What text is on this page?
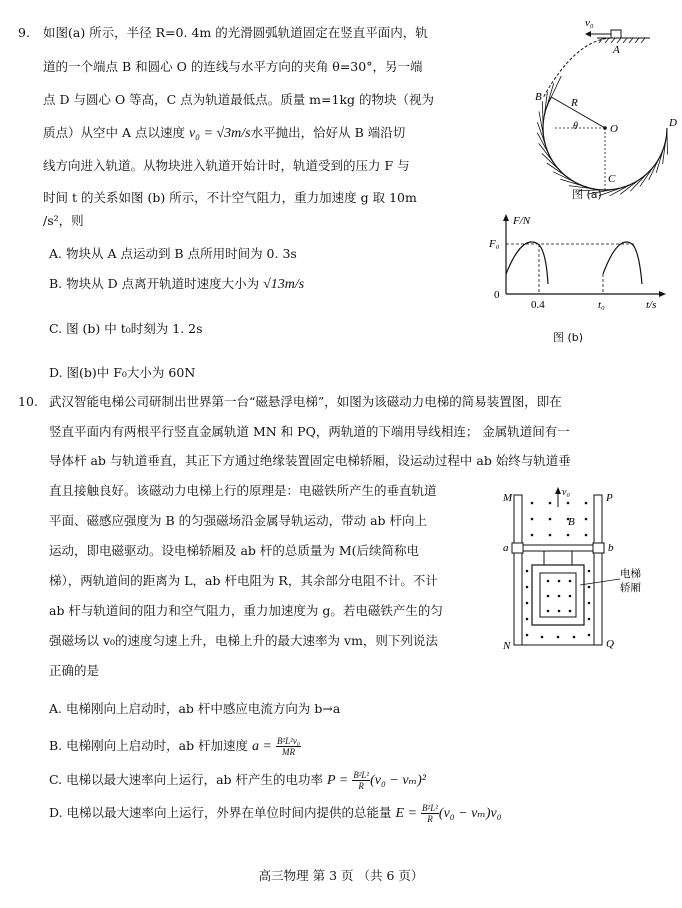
9. 如图(a) 所示，半径 R=0. 4m 的光滑圆弧轨道固定在竖直平面内，轨
道的一个端点 B 和圆心 O 的连线与水平方向的夹角 θ=30°，另一端
点 D 与圆心 O 等高，C 点为轨道最低点。质量 m=1kg 的物块（视为
质点）从空中 A 点以速度 v₀ = √3m/s水平抛出，恰好从 B 端沿切
线方向进入轨道。从物块进入轨道开始计时，轨道受到的压力 F 与
时间 t 的关系如图 (b) 所示，不计空气阻力，重力加速度 g 取 10m
/s²，则
A. 物块从 A 点运动到 B 点所用时间为 0. 3s
B. 物块从 D 点离开轨道时速度大小为 √13m/s
C. 图 (b) 中 t₀时刻为 1. 2s
D. 图(b)中 F₀大小为 60N
v₀
A
B	R
θ	O	D
C
图 (a)
F/N
F₀
0
0.4	t₀	t/s
图 (b)
10. 武汉智能电梯公司研制出世界第一台“磁悬浮电梯”，如图为该磁动力电梯的简易装置图，即在
竖直平面内有两根平行竖直金属轨道 MN 和 PQ，两轨道的下端用导线相连； 金属轨道间有一
导体杆 ab 与轨道垂直，其正下方通过绝缘装置固定电梯轿厢，设运动过程中 ab 始终与轨道垂
直且接触良好。该磁动力电梯上行的原理是：电磁铁所产生的垂直轨道
平面、磁感应强度为 B 的匀强磁场沿金属导轨运动，带动 ab 杆向上
运动，即电磁驱动。设电梯轿厢及 ab 杆的总质量为 M(后续简称电
梯），两轨道间的距离为 L，ab 杆电阻为 R，其余部分电阻不计。不计
ab 杆与轨道间的阻力和空气阻力，重力加速度为 g。若电磁铁产生的匀
强磁场以 v₀的速度匀速上升，电梯上升的最大速率为 vm，则下列说法
正确的是
A. 电梯刚向上启动时，ab 杆中感应电流方向为 b→a
B. 电梯刚向上启动时，ab 杆加速度 $a = \frac{\text{B²L²v₀}}{MR}$
C. 电梯以最大速率向上运行，ab 杆产生的电功率 $P = \frac{\text{B²L²}}{R} (v_0 - v_m)^2$
D. 电梯以最大速率向上运行，外界在单位时间内提供的总能量 $E = \frac{\text{B²L²}}{R} (v_0 - v_m)v_0$
v₀
B
M	P
a	b
N	Q
电梯
轿厢
高三物理 第 3 页 （共 6 页）
